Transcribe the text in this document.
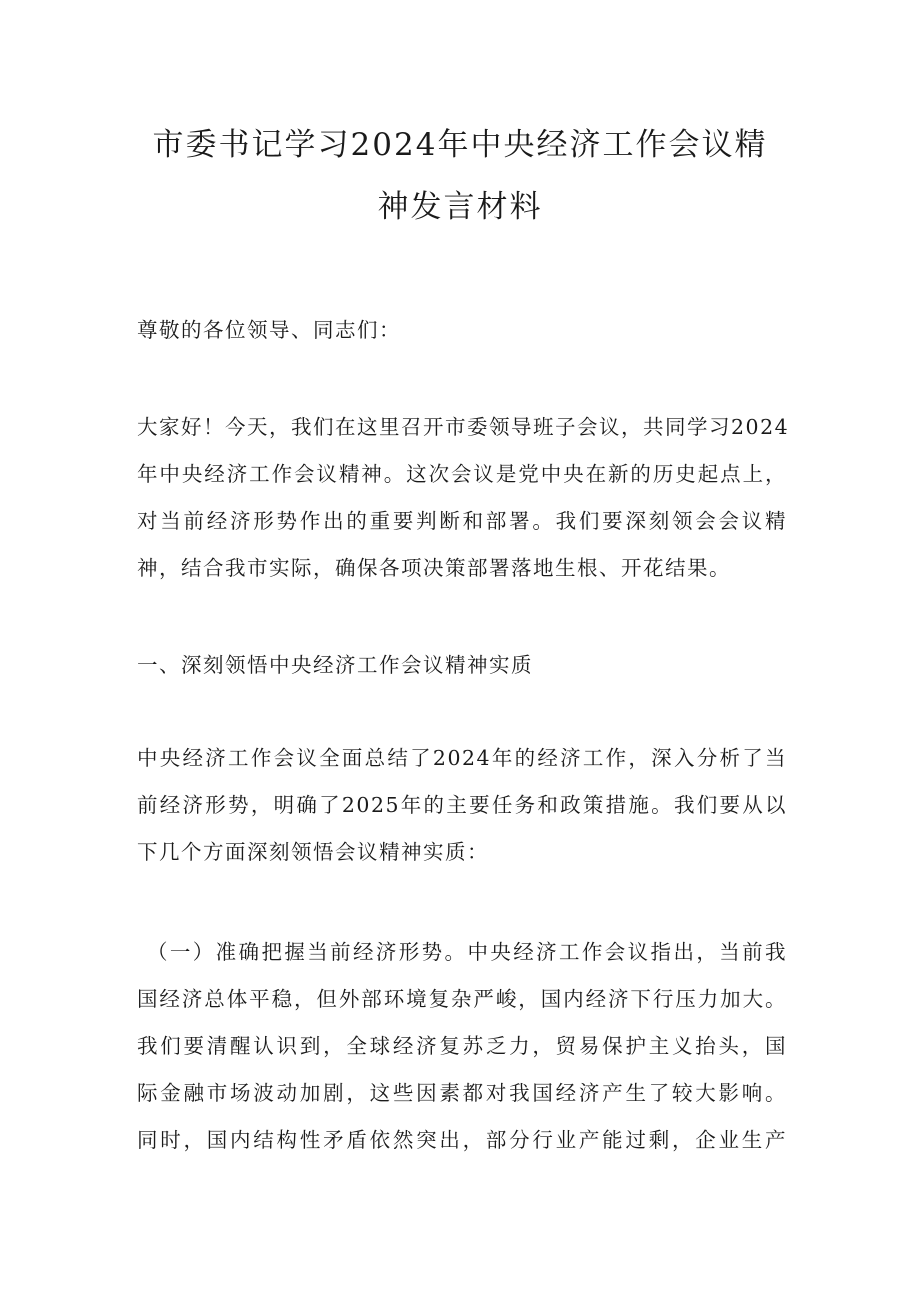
市委书记学习2024年中央经济工作会议精
神发言材料
尊敬的各位领导、同志们：
大家好！今天，我们在这里召开市委领导班子会议，共同学习2024
年中央经济工作会议精神。这次会议是党中央在新的历史起点上，
对当前经济形势作出的重要判断和部署。我们要深刻领会会议精
神，结合我市实际，确保各项决策部署落地生根、开花结果。
一、深刻领悟中央经济工作会议精神实质
中央经济工作会议全面总结了2024年的经济工作，深入分析了当
前经济形势，明确了2025年的主要任务和政策措施。我们要从以
下几个方面深刻领悟会议精神实质：
（一）准确把握当前经济形势。中央经济工作会议指出，当前我
国经济总体平稳，但外部环境复杂严峻，国内经济下行压力加大。
我们要清醒认识到，全球经济复苏乏力，贸易保护主义抬头，国
际金融市场波动加剧，这些因素都对我国经济产生了较大影响。
同时，国内结构性矛盾依然突出，部分行业产能过剩，企业生产
